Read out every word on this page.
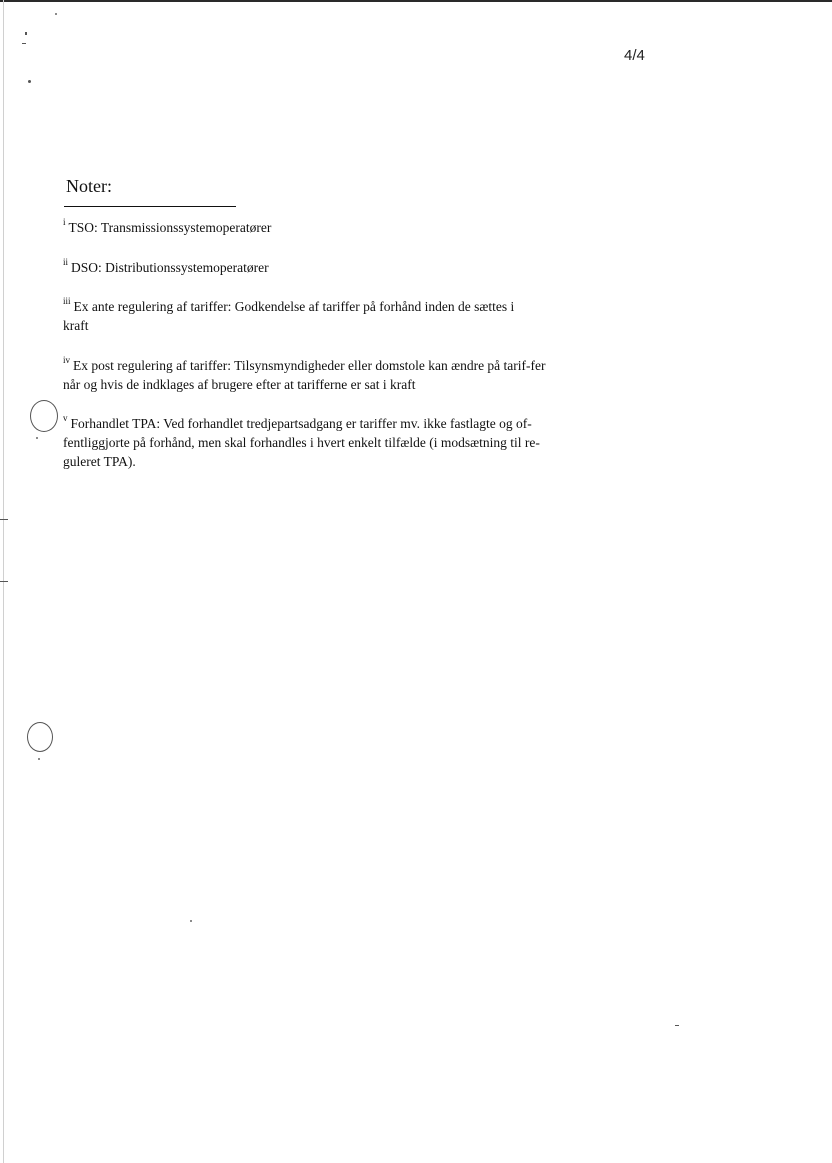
4/4
Noter:
$^i$ TSO: Transmissionssystemoperatører
$^{ii}$ DSO: Distributionssystemoperatører
$^{iii}$ Ex ante regulering af tariffer: Godkendelse af tariffer på forhånd inden de sættes i kraft
$^{iv}$ Ex post regulering af tariffer: Tilsynsmyndigheder eller domstole kan ændre på tarif-fer når og hvis de indklages af brugere efter at tarifferne er sat i kraft
$^v$ Forhandlet TPA: Ved forhandlet tredjepartsadgang er tariffer mv. ikke fastlagte og of-fentliggjorte på forhånd, men skal forhandles i hvert enkelt tilfælde (i modsætning til re-guleret TPA).
